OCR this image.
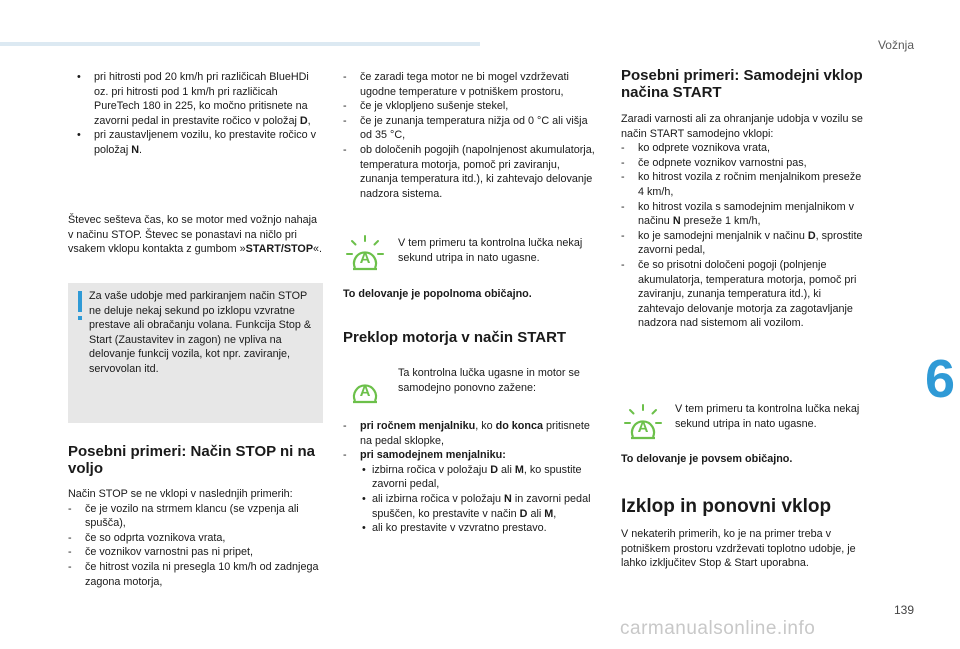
Vožnja
6
139
carmanualsonline.info
• pri hitrosti pod 20 km/h pri različicah BlueHDi oz. pri hitrosti pod 1 km/h pri različicah PureTech 180 in 225, ko močno pritisnete na zavorni pedal in prestavite ročico v položaj D,
• pri zaustavljenem vozilu, ko prestavite ročico v položaj N.

Števec sešteva čas, ko se motor med vožnjo nahaja v načinu STOP. Števec se ponastavi na ničlo pri vsakem vklopu kontakta z gumbom »START/STOP«.

Za vaše udobje med parkiranjem način STOP ne deluje nekaj sekund po izklopu vzvratne prestave ali obračanju volana. Funkcija Stop & Start (Zaustavitev in zagon) ne vpliva na delovanje funkcij vozila, kot npr. zaviranje, servovolan itd.
Posebni primeri: Način STOP ni na voljo

Način STOP se ne vklopi v naslednjih primerih:

- če je vozilo na strmem klancu (se vzpenja ali spušča),
- če so odprta voznikova vrata,
- če voznikov varnostni pas ni pripet,
- če hitrost vozila ni presegla 10 km/h od zadnjega zagona motorja,
- če zaradi tega motor ne bi mogel vzdrževati ugodne temperature v potniškem prostoru,
- če je vklopljeno sušenje stekel,
- če je zunanja temperatura nižja od 0 °C ali višja od 35 °C,
- ob določenih pogojih (napolnjenost akumulatorja, temperatura motorja, pomoč pri zaviranju, zunanja temperatura itd.), ki zahtevajo delovanje nadzora sistema.
A
V tem primeru ta kontrolna lučka nekaj sekund utripa in nato ugasne.
To delovanje je popolnoma običajno.
Preklop motorja v način START
A
Ta kontrolna lučka ugasne in motor se samodejno ponovno zažene:
- pri ročnem menjalniku, ko do konca pritisnete na pedal sklopke,
- pri samodejnem menjalniku:
• izbirna ročica v položaju D ali M, ko spustite zavorni pedal,
• ali izbirna ročica v položaju N in zavorni pedal spuščen, ko prestavite v način D ali M,
• ali ko prestavite v vzvratno prestavo.
Posebni primeri: Samodejni vklop načina START

Zaradi varnosti ali za ohranjanje udobja v vozilu se način START samodejno vklopi:

- ko odprete voznikova vrata,
- če odpnete voznikov varnostni pas,
- ko hitrost vozila z ročnim menjalnikom preseže 4 km/h,
- ko hitrost vozila s samodejnim menjalnikom v načinu N preseže 1 km/h,
- ko je samodejni menjalnik v načinu D, sprostite zavorni pedal,
- če so prisotni določeni pogoji (polnjenje akumulatorja, temperatura motorja, pomoč pri zaviranju, zunanja temperatura itd.), ki zahtevajo delovanje motorja za zagotavljanje nadzora nad sistemom ali vozilom.
A
V tem primeru ta kontrolna lučka nekaj sekund utripa in nato ugasne.
To delovanje je povsem običajno.
Izklop in ponovni vklop

V nekaterih primerih, ko je na primer treba v potniškem prostoru vzdrževati toplotno udobje, je lahko izključitev Stop & Start uporabna.
